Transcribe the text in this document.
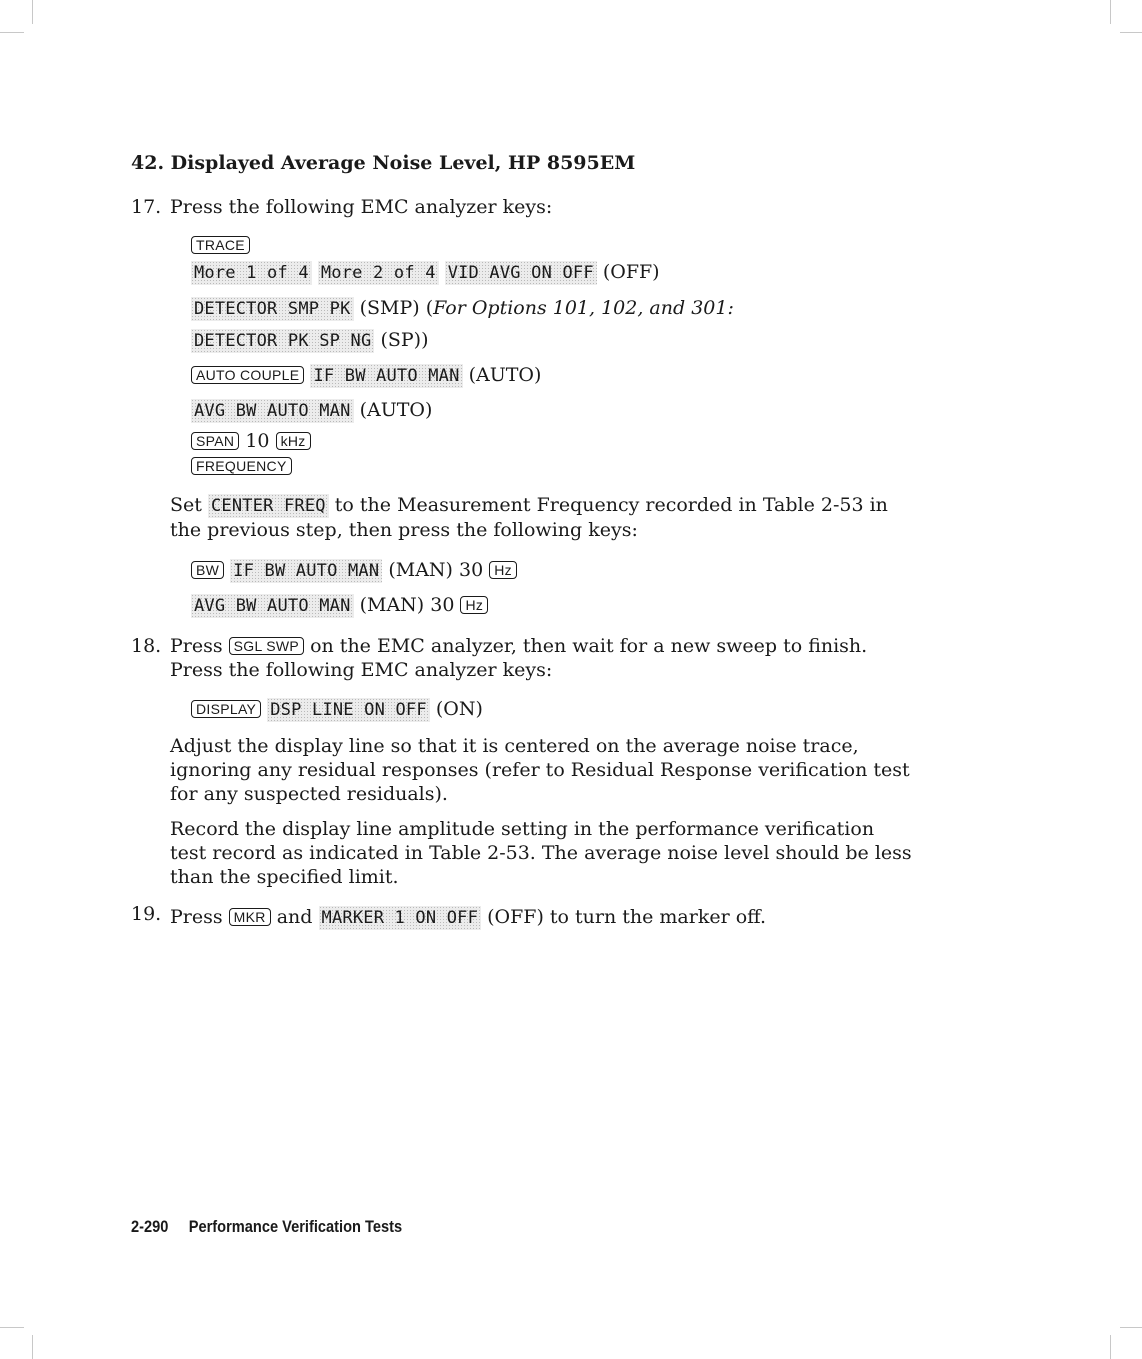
42. Displayed Average Noise Level, HP 8595EM
17. Press the following EMC analyzer keys:
TRACE
More 1 of 4 More 2 of 4 VID AVG ON OFF (OFF)
DETECTOR SMP PK (SMP) (For Options 101, 102, and 301:
DETECTOR PK SP NG (SP))
AUTO COUPLE IF BW AUTO MAN (AUTO)
AVG BW AUTO MAN (AUTO)
SPAN 10 kHz
FREQUENCY
Set CENTER FREQ to the Measurement Frequency recorded in Table 2-53 in
the previous step, then press the following keys:
BW IF BW AUTO MAN (MAN) 30 Hz
AVG BW AUTO MAN (MAN) 30 Hz
18. Press SGL SWP on the EMC analyzer, then wait for a new sweep to finish.
Press the following EMC analyzer keys:
DISPLAY DSP LINE ON OFF (ON)
Adjust the display line so that it is centered on the average noise trace,
ignoring any residual responses (refer to Residual Response verification test
for any suspected residuals).
Record the display line amplitude setting in the performance verification
test record as indicated in Table 2-53. The average noise level should be less
than the specified limit.
19. Press MKR and MARKER 1 ON OFF (OFF) to turn the marker off.
2-290 Performance Verification Tests
